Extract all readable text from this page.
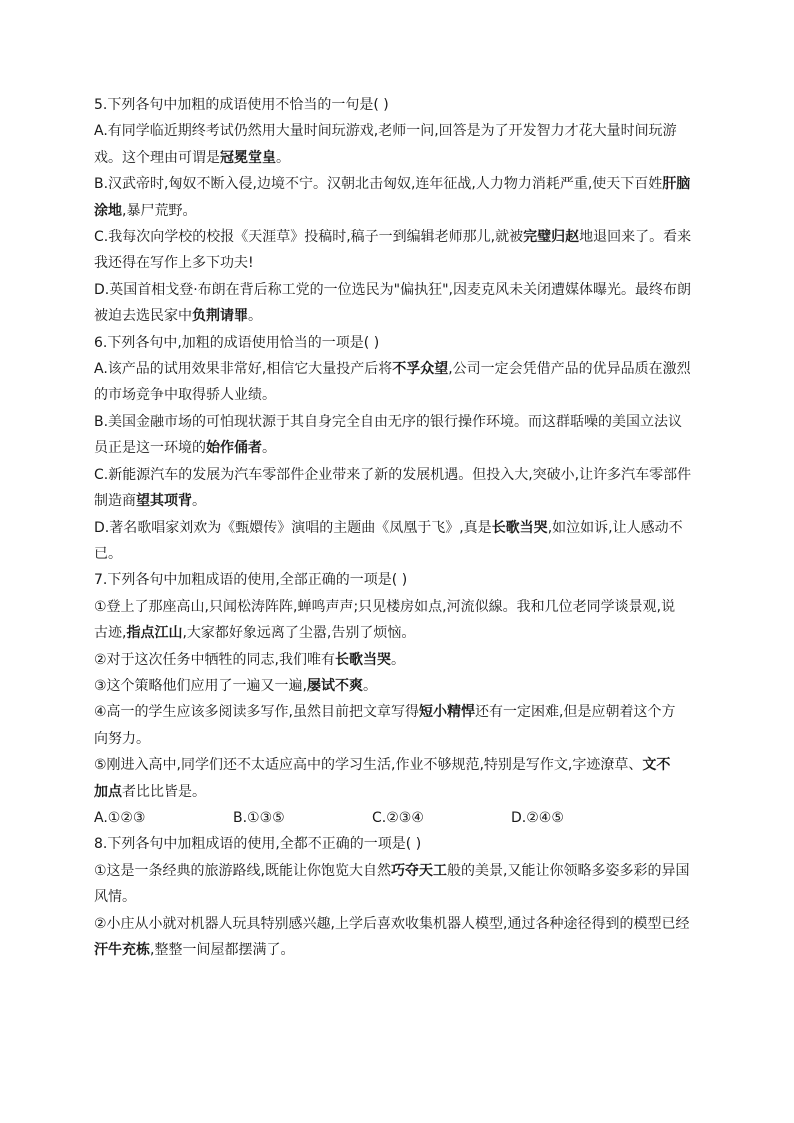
5.下列各句中加粗的成语使用不恰当的一句是( )
A.有同学临近期终考试仍然用大量时间玩游戏,老师一问,回答是为了开发智力才花大量时间玩游
戏。这个理由可谓是冠冕堂皇。
B.汉武帝时,匈奴不断入侵,边境不宁。汉朝北击匈奴,连年征战,人力物力消耗严重,使天下百姓肝脑
涂地,暴尸荒野。
C.我每次向学校的校报《天涯草》投稿时,稿子一到编辑老师那儿,就被完璧归赵地退回来了。看来
我还得在写作上多下功夫!
D.英国首相戈登·布朗在背后称工党的一位选民为"偏执狂",因麦克风未关闭遭媒体曝光。最终布朗
被迫去选民家中负荆请罪。
6.下列各句中,加粗的成语使用恰当的一项是( )
A.该产品的试用效果非常好,相信它大量投产后将不孚众望,公司一定会凭借产品的优异品质在激烈
的市场竞争中取得骄人业绩。
B.美国金融市场的可怕现状源于其自身完全自由无序的银行操作环境。而这群聒噪的美国立法议
员正是这一环境的始作俑者。
C.新能源汽车的发展为汽车零部件企业带来了新的发展机遇。但投入大,突破小,让许多汽车零部件
制造商望其项背。
D.著名歌唱家刘欢为《甄嬛传》演唱的主题曲《凤凰于飞》,真是长歌当哭,如泣如诉,让人感动不
已。
7.下列各句中加粗成语的使用,全部正确的一项是( )
①登上了那座高山,只闻松涛阵阵,蝉鸣声声;只见楼房如点,河流似線。我和几位老同学谈景观,说
古迹,指点江山,大家都好象远离了尘嚣,告别了烦恼。
②对于这次任务中牺牲的同志,我们唯有长歌当哭。
③这个策略他们应用了一遍又一遍,屡试不爽。
④高一的学生应该多阅读多写作,虽然目前把文章写得短小精悍还有一定困难,但是应朝着这个方
向努力。
⑤刚进入高中,同学们还不太适应高中的学习生活,作业不够规范,特别是写作文,字迹潦草、文不
加点者比比皆是。
A.①②③	B.①③⑤	C.②③④	D.②④⑤
8.下列各句中加粗成语的使用,全都不正确的一项是( )
①这是一条经典的旅游路线,既能让你饱览大自然巧夺天工般的美景,又能让你领略多姿多彩的异国
风情。
②小庄从小就对机器人玩具特别感兴趣,上学后喜欢收集机器人模型,通过各种途径得到的模型已经
汗牛充栋,整整一间屋都摆满了。
